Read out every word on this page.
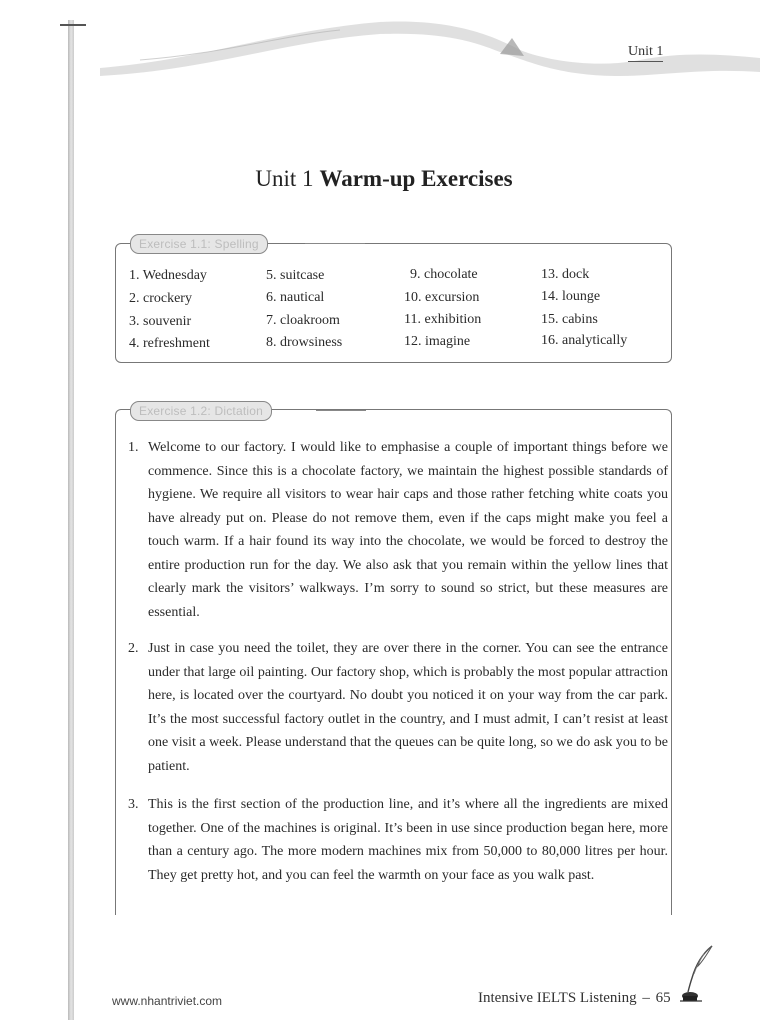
Unit 1
Unit 1 Warm-up Exercises
Exercise 1.1: Spelling
1. Wednesday	5. suitcase	9. chocolate	13. dock
2. crockery	6. nautical	10. excursion	14. lounge
3. souvenir	7. cloakroom	11. exhibition	15. cabins
4. refreshment	8. drowsiness	12. imagine	16. analytically
Exercise 1.2: Dictation
1. Welcome to our factory. I would like to emphasise a couple of important things before we commence. Since this is a chocolate factory, we maintain the highest possible standards of hygiene. We require all visitors to wear hair caps and those rather fetching white coats you have already put on. Please do not remove them, even if the caps might make you feel a touch warm. If a hair found its way into the chocolate, we would be forced to destroy the entire production run for the day. We also ask that you remain within the yellow lines that clearly mark the visitors’ walkways. I’m sorry to sound so strict, but these measures are essential.
2. Just in case you need the toilet, they are over there in the corner. You can see the entrance under that large oil painting. Our factory shop, which is probably the most popular attraction here, is located over the courtyard. No doubt you noticed it on your way from the car park. It’s the most successful factory outlet in the country, and I must admit, I can’t resist at least one visit a week. Please understand that the queues can be quite long, so we do ask you to be patient.
3. This is the first section of the production line, and it’s where all the ingredients are mixed together. One of the machines is original. It’s been in use since production began here, more than a century ago. The more modern machines mix from 50,000 to 80,000 litres per hour. They get pretty hot, and you can feel the warmth on your face as you walk past.
www.nhantriviet.com	Intensive IELTS Listening – 65
